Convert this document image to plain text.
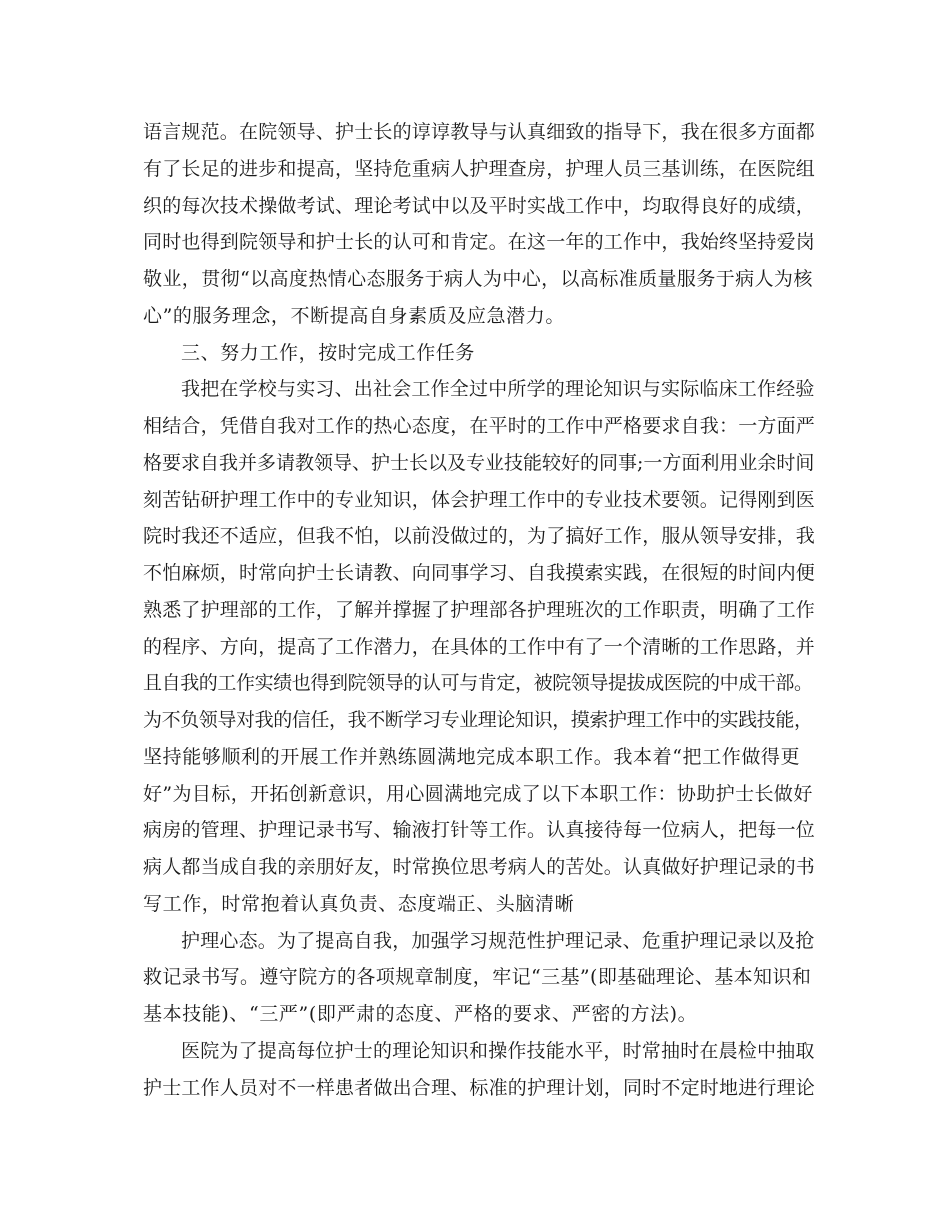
语言规范。在院领导、护士长的谆谆教导与认真细致的指导下，我在很多方面都
有了长足的进步和提高，坚持危重病人护理查房，护理人员三基训练，在医院组
织的每次技术操做考试、理论考试中以及平时实战工作中，均取得良好的成绩，
同时也得到院领导和护士长的认可和肯定。在这一年的工作中，我始终坚持爱岗
敬业，贯彻“以高度热情心态服务于病人为中心，以高标准质量服务于病人为核
心”的服务理念，不断提高自身素质及应急潜力。
三、努力工作，按时完成工作任务
我把在学校与实习、出社会工作全过中所学的理论知识与实际临床工作经验
相结合，凭借自我对工作的热心态度，在平时的工作中严格要求自我：一方面严
格要求自我并多请教领导、护士长以及专业技能较好的同事;一方面利用业余时间
刻苦钻研护理工作中的专业知识，体会护理工作中的专业技术要领。记得刚到医
院时我还不适应，但我不怕，以前没做过的，为了搞好工作，服从领导安排，我
不怕麻烦，时常向护士长请教、向同事学习、自我摸索实践，在很短的时间内便
熟悉了护理部的工作，了解并撑握了护理部各护理班次的工作职责，明确了工作
的程序、方向，提高了工作潜力，在具体的工作中有了一个清晰的工作思路，并
且自我的工作实绩也得到院领导的认可与肯定，被院领导提拔成医院的中成干部。
为不负领导对我的信任，我不断学习专业理论知识，摸索护理工作中的实践技能，
坚持能够顺利的开展工作并熟练圆满地完成本职工作。我本着“把工作做得更
好”为目标，开拓创新意识，用心圆满地完成了以下本职工作：协助护士长做好
病房的管理、护理记录书写、输液打针等工作。认真接待每一位病人，把每一位
病人都当成自我的亲朋好友，时常换位思考病人的苦处。认真做好护理记录的书
写工作，时常抱着认真负责、态度端正、头脑清晰
护理心态。为了提高自我，加强学习规范性护理记录、危重护理记录以及抢
救记录书写。遵守院方的各项规章制度，牢记“三基”(即基础理论、基本知识和
基本技能)、“三严”(即严肃的态度、严格的要求、严密的方法)。
医院为了提高每位护士的理论知识和操作技能水平，时常抽时在晨检中抽取
护士工作人员对不一样患者做出合理、标准的护理计划，同时不定时地进行理论
